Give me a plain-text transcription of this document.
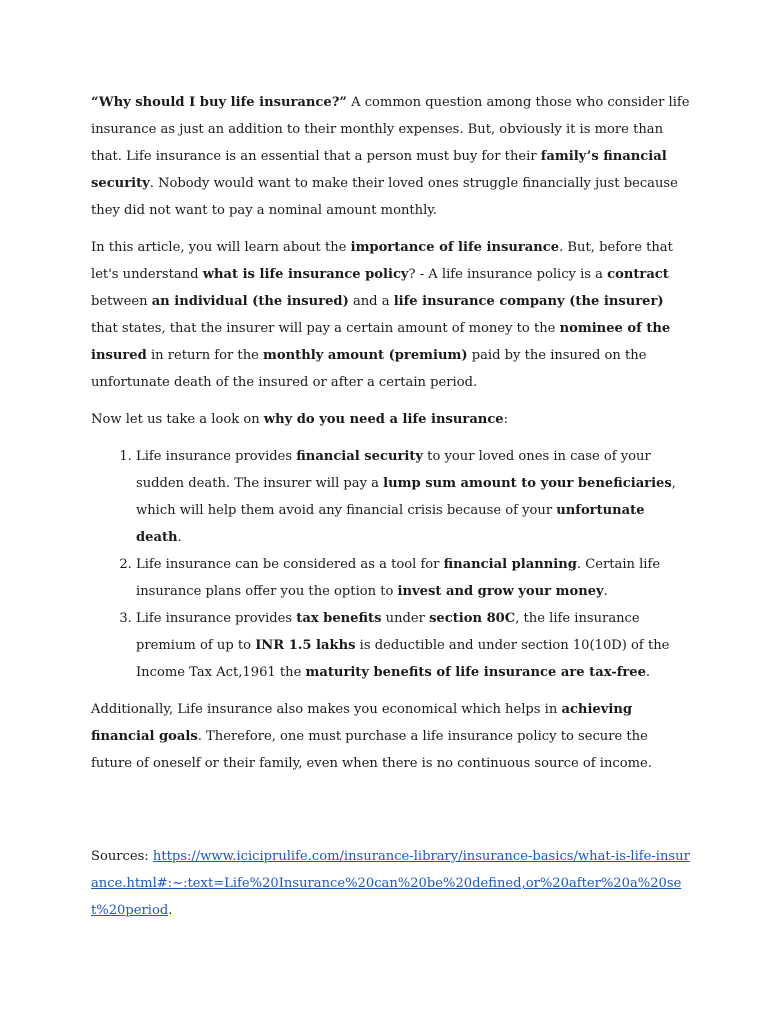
“Why should I buy life insurance?” A common question among those who consider life insurance as just an addition to their monthly expenses. But, obviously it is more than that. Life insurance is an essential that a person must buy for their family’s financial security. Nobody would want to make their loved ones struggle financially just because they did not want to pay a nominal amount monthly.

In this article, you will learn about the importance of life insurance. But, before that let's understand what is life insurance policy? - A life insurance policy is a contract between an individual (the insured) and a life insurance company (the insurer) that states, that the insurer will pay a certain amount of money to the nominee of the insured in return for the monthly amount (premium) paid by the insured on the unfortunate death of the insured or after a certain period.

Now let us take a look on why do you need a life insurance:

1. Life insurance provides financial security to your loved ones in case of your sudden death. The insurer will pay a lump sum amount to your beneficiaries, which will help them avoid any financial crisis because of your unfortunate death.
2. Life insurance can be considered as a tool for financial planning. Certain life insurance plans offer you the option to invest and grow your money.
3. Life insurance provides tax benefits under section 80C, the life insurance premium of up to INR 1.5 lakhs is deductible and under section 10(10D) of the Income Tax Act,1961 the maturity benefits of life insurance are tax-free.

Additionally, Life insurance also makes you economical which helps in achieving financial goals. Therefore, one must purchase a life insurance policy to secure the future of oneself or their family, even when there is no continuous source of income.

Sources: https://www.iciciprulife.com/insurance-library/insurance-basics/what-is-life-insurance.html#:~:text=Life%20Insurance%20can%20be%20defined,or%20after%20a%20set%20period.
